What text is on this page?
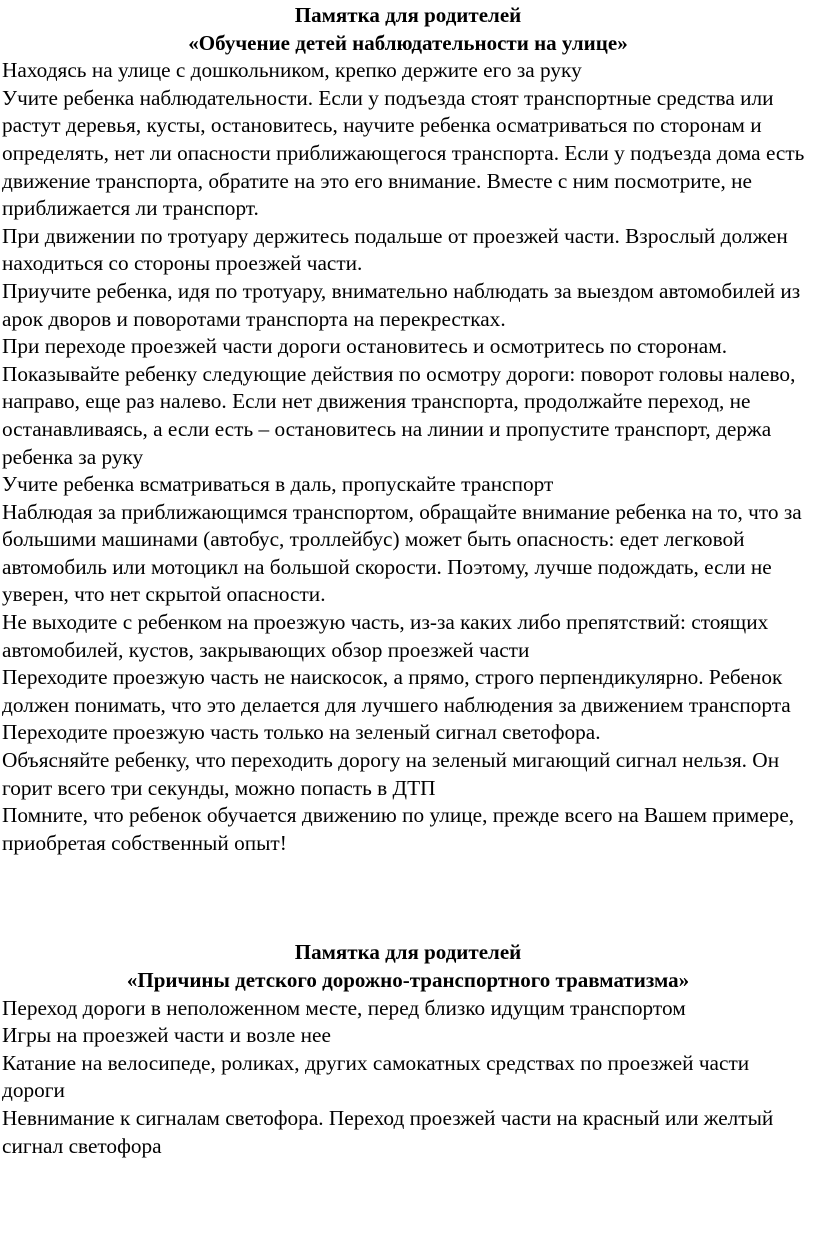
Памятка для родителей
«Обучение детей наблюдательности на улице»

Находясь на улице с дошкольником, крепко держите его за руку

Учите ребенка наблюдательности. Если у подъезда стоят транспортные средства или растут деревья, кусты, остановитесь, научите ребенка осматриваться по сторонам и определять, нет ли опасности приближающегося транспорта. Если у подъезда дома есть движение транспорта, обратите на это его внимание. Вместе с ним посмотрите, не приближается ли транспорт.

При движении по тротуару держитесь подальше от проезжей части. Взрослый должен находиться со стороны проезжей части.

Приучите ребенка, идя по тротуару, внимательно наблюдать за выездом автомобилей из арок дворов и поворотами транспорта на перекрестках.

При переходе проезжей части дороги остановитесь и осмотритесь по сторонам. Показывайте ребенку следующие действия по осмотру дороги: поворот головы налево, направо, еще раз налево. Если нет движения транспорта, продолжайте переход, не останавливаясь, а если есть – остановитесь на линии и пропустите транспорт, держа ребенка за руку

Учите ребенка всматриваться в даль, пропускайте транспорт

Наблюдая за приближающимся транспортом, обращайте внимание ребенка на то, что за большими машинами (автобус, троллейбус) может быть опасность: едет легковой автомобиль или мотоцикл на большой скорости. Поэтому, лучше подождать, если не уверен, что нет скрытой опасности.

Не выходите с ребенком на проезжую часть, из-за каких либо препятствий: стоящих автомобилей, кустов, закрывающих обзор проезжей части

Переходите проезжую часть не наискосок, а прямо, строго перпендикулярно. Ребенок должен понимать, что это делается для лучшего наблюдения за движением транспорта

Переходите проезжую часть только на зеленый сигнал светофора.

Объясняйте ребенку, что переходить дорогу на зеленый мигающий сигнал нельзя. Он горит всего три секунды, можно попасть в ДТП

Помните, что ребенок обучается движению по улице, прежде всего на Вашем примере, приобретая собственный опыт!

Памятка для родителей
«Причины детского дорожно-транспортного травматизма»

Переход дороги в неположенном месте, перед близко идущим транспортом

Игры на проезжей части и возле нее

Катание на велосипеде, роликах, других самокатных средствах по проезжей части дороги

Невнимание к сигналам светофора. Переход проезжей части на красный или желтый сигнал светофора
